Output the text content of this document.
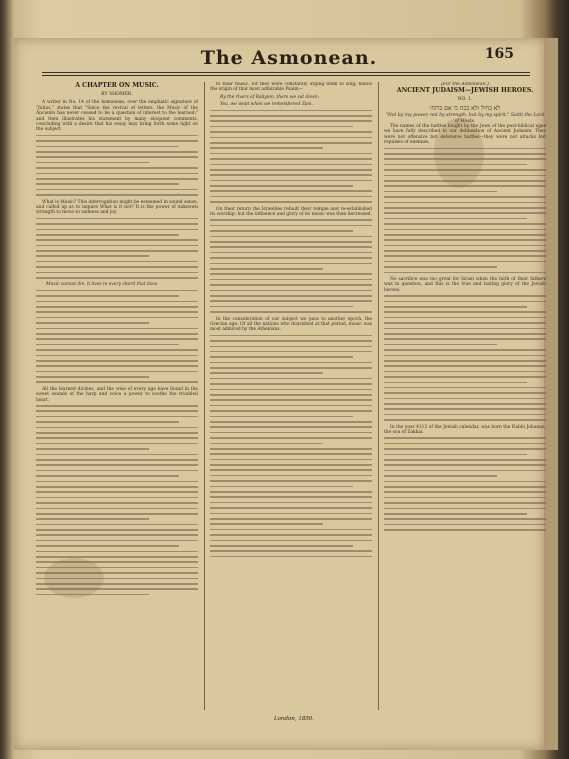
The Asmonean.	165
A CHAPTER ON MUSIC.
BY SHOMER.

A writer in No. 14 of the Asmonean, over the emphatic signature of "Julius," states that "Since the revival of letters, the Music of the Ancients has never ceased to be a question of interest to the learned;" and then illustrates his statement by many eloquent comments, concluding with a desire that his essay may bring forth some light on the subject.

What is Music? This interrogation might be esteemed in sound sense, and called up as to inquire What is it not? It is the power of unknown strength to move to sadness and joy.

Music cannot die, it lives in every chord that lives.

All the learned divines, and the wise of every age have found in the sweet sounds of the harp and voice a power to soothe the troubled heart.

to their music, for they were constantly urging them to sing; hence the origin of that most admirable Psalm—

By the rivers of Babylon, there we sat down;

Yea, we wept when we remembered Zion.

On their return the Israelites rebuilt their temple and re-established its worship; but the influence and glory of its music was then decreased.

In the consideration of our subject we pass to another epoch, the Grecian age. Of all the nations who flourished at that period, music was most admired by the Athenians.

[For the Asmonean.]
ANCIENT JUDAISM—JEWISH HEROES.
NO. 1.
לא בחיל ולא בכח כי אם ברוחי
"Not by my power, not by strength, but by my spirit," Saith the Lord of Hosts.

The names of the battles fought by the Jews of the post-biblical ages we have fully described in our delineation of Ancient Judaism. They were not offensive but defensive battles—they were not attacks but repulses of enemies.

No sacrifice was too great for Israel when the faith of their fathers was in question, and this is the true and lasting glory of the Jewish heroes.

In the year 4112 of the Jewish calendar, was born the Rabbi Johanan, the son of Zakkai.

London, 1850.
